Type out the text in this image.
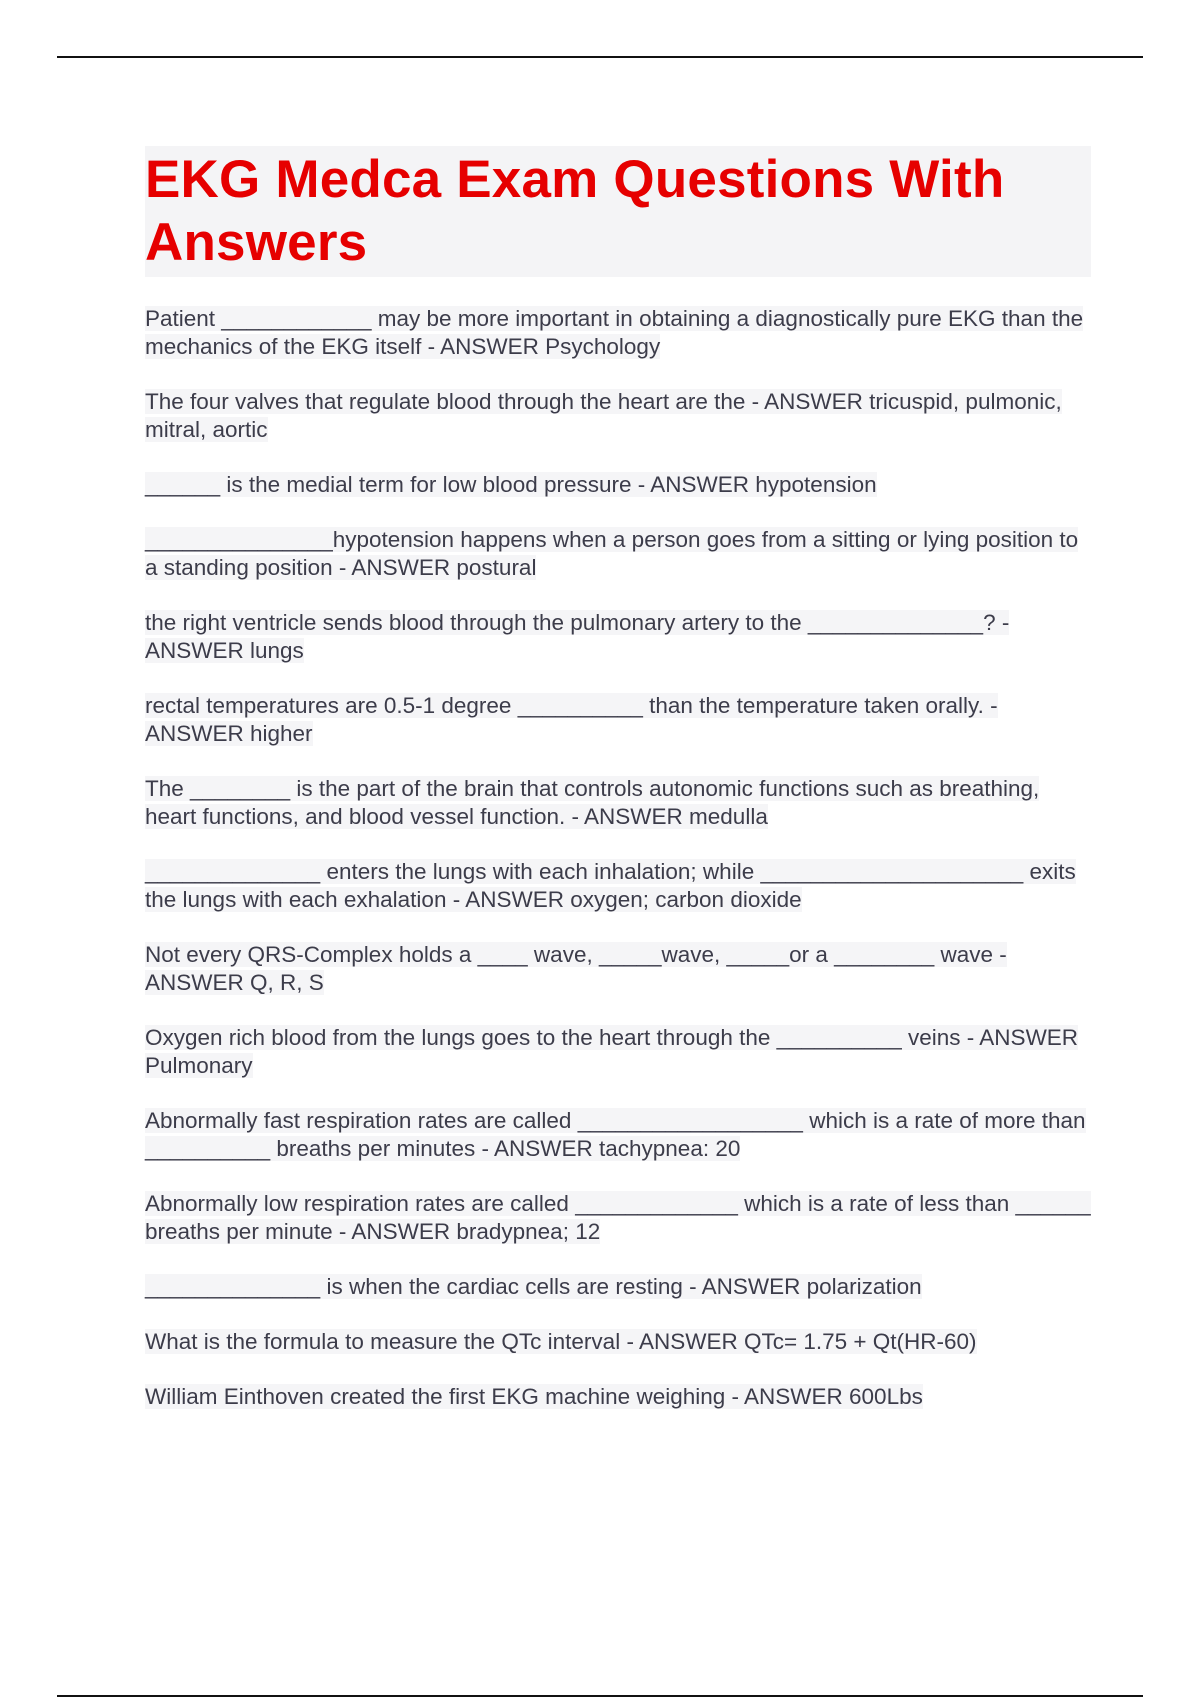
EKG Medca Exam Questions With Answers
Patient ____________ may be more important in obtaining a diagnostically pure EKG than the mechanics of the EKG itself - ANSWER Psychology
The four valves that regulate blood through the heart are the - ANSWER tricuspid, pulmonic, mitral, aortic
______ is the medial term for low blood pressure - ANSWER hypotension
_______________hypotension happens when a person goes from a sitting or lying position to a standing position - ANSWER postural
the right ventricle sends blood through the pulmonary artery to the ______________? - ANSWER lungs
rectal temperatures are 0.5-1 degree __________ than the temperature taken orally. - ANSWER higher
The ________ is the part of the brain that controls autonomic functions such as breathing, heart functions, and blood vessel function. - ANSWER medulla
______________ enters the lungs with each inhalation; while _____________________ exits the lungs with each exhalation - ANSWER oxygen; carbon dioxide
Not every QRS-Complex holds a ____ wave, _____wave, _____or a ________ wave - ANSWER Q, R, S
Oxygen rich blood from the lungs goes to the heart through the __________ veins - ANSWER Pulmonary
Abnormally fast respiration rates are called __________________ which is a rate of more than __________ breaths per minutes - ANSWER tachypnea: 20
Abnormally low respiration rates are called _____________ which is a rate of less than ______ breaths per minute - ANSWER bradypnea; 12
______________ is when the cardiac cells are resting - ANSWER polarization
What is the formula to measure the QTc interval - ANSWER QTc= 1.75 + Qt(HR-60)
William Einthoven created the first EKG machine weighing - ANSWER 600Lbs
